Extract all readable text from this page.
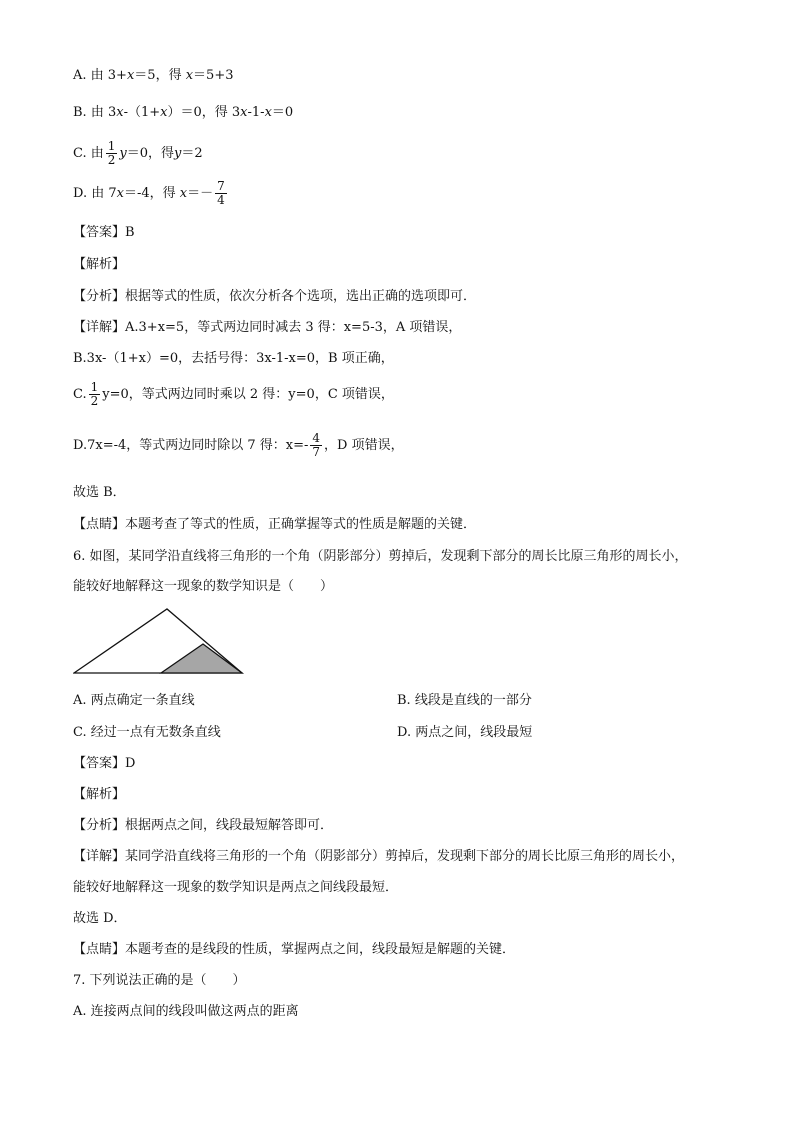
A. 由 3+x＝5，得 x＝5+3
B. 由 3x-（1+x）＝0，得 3x-1-x＝0
C. 由 $\frac{1}{2} y=0$，得y＝2
D. 由 7x＝-4，得 $x=- \frac{7}{4}$
【答案】B
【解析】
【分析】根据等式的性质，依次分析各个选项，选出正确的选项即可．
【详解】A.3+x=5，等式两边同时减去 3 得：x=5-3，A 项错误，
B.3x-（1+x）=0，去括号得：3x-1-x=0，B 项正确，
C. $\frac{1}{2} y=0$，等式两边同时乘以 2 得：y=0，C 项错误，
D.7x=-4，等式两边同时除以 7 得：$x=- \frac{4}{7}$ ，D 项错误，
故选 B．
【点睛】本题考查了等式的性质，正确掌握等式的性质是解题的关键．
6. 如图，某同学沿直线将三角形的一个角（阴影部分）剪掉后，发现剩下部分的周长比原三角形的周长小，
能较好地解释这一现象的数学知识是（　　）
A. 两点确定一条直线	B. 线段是直线的一部分
C. 经过一点有无数条直线	D. 两点之间，线段最短
【答案】D
【解析】
【分析】根据两点之间，线段最短解答即可．
【详解】某同学沿直线将三角形的一个角（阴影部分）剪掉后，发现剩下部分的周长比原三角形的周长小，
能较好地解释这一现象的数学知识是两点之间线段最短．
故选 D．
【点睛】本题考查的是线段的性质，掌握两点之间，线段最短是解题的关键．
7. 下列说法正确的是（　　）
A. 连接两点间的线段叫做这两点的距离
